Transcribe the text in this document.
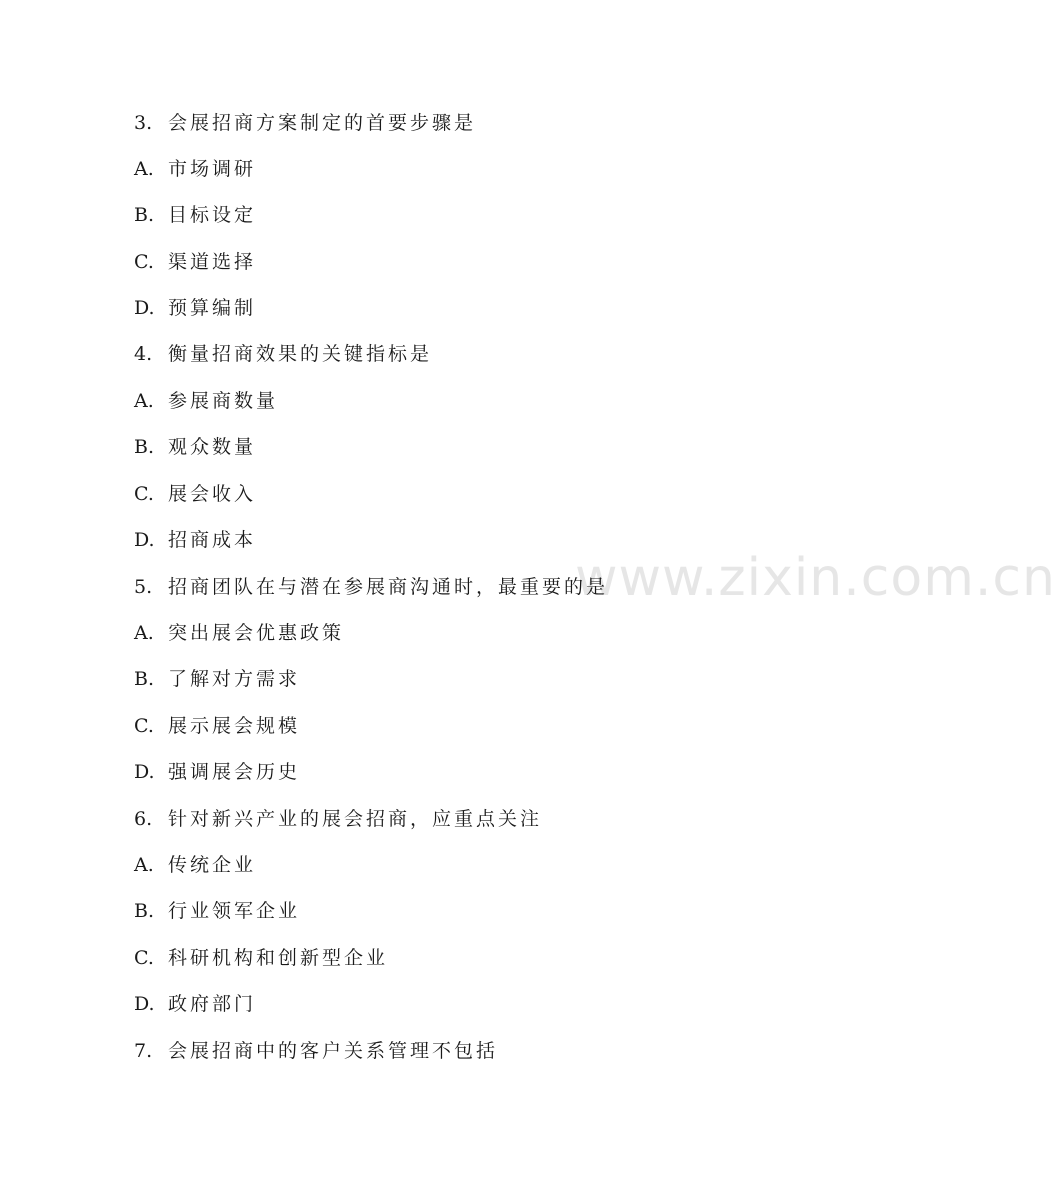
www.zixin.com.cn
3. 会展招商方案制定的首要步骤是
A. 市场调研
B. 目标设定
C. 渠道选择
D. 预算编制
4. 衡量招商效果的关键指标是
A. 参展商数量
B. 观众数量
C. 展会收入
D. 招商成本
5. 招商团队在与潜在参展商沟通时，最重要的是
A. 突出展会优惠政策
B. 了解对方需求
C. 展示展会规模
D. 强调展会历史
6. 针对新兴产业的展会招商，应重点关注
A. 传统企业
B. 行业领军企业
C. 科研机构和创新型企业
D. 政府部门
7. 会展招商中的客户关系管理不包括
